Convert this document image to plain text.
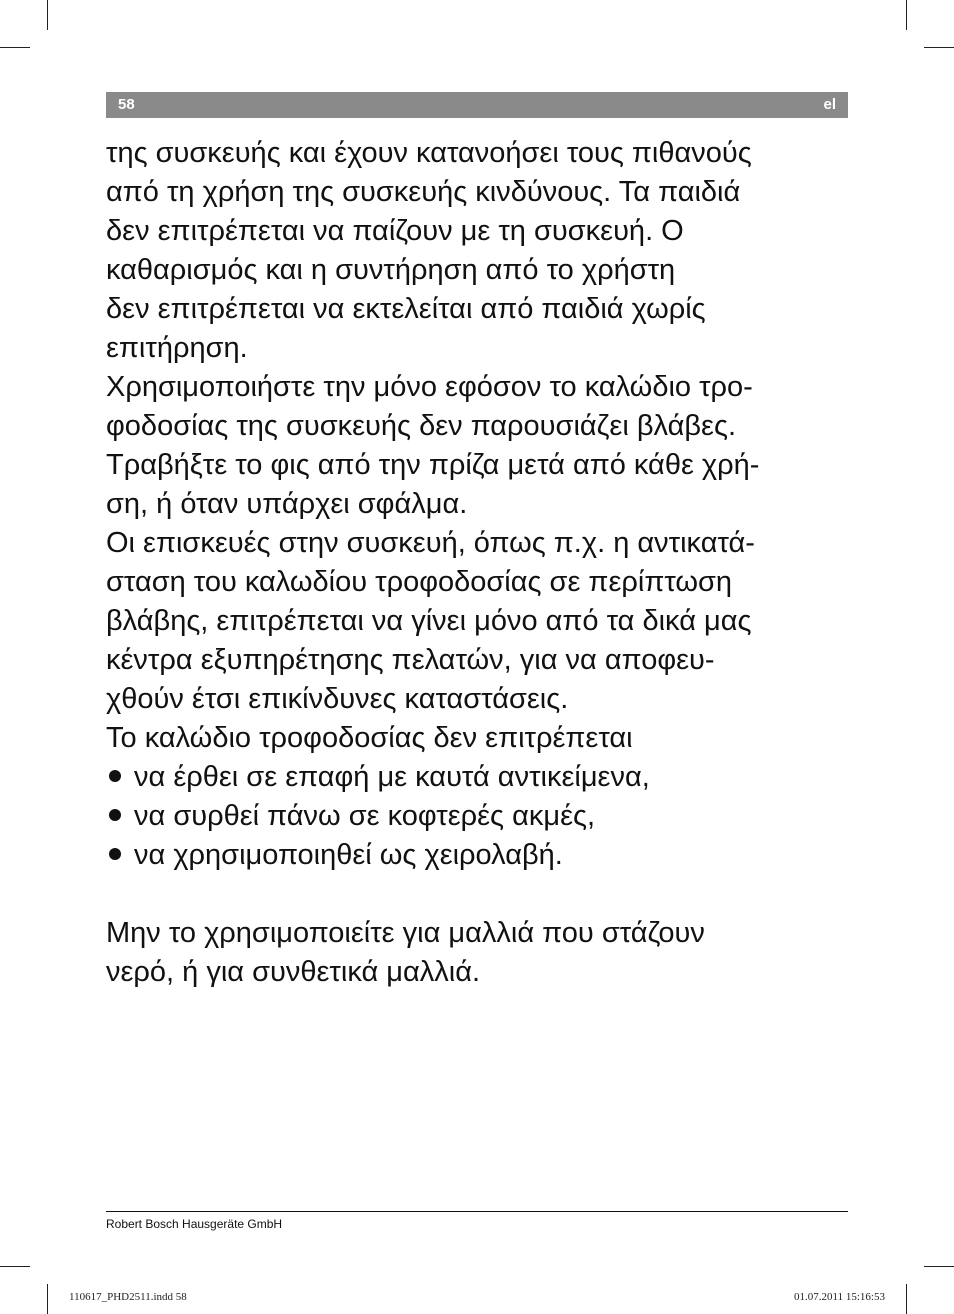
58	el
της συσκευής και έχουν κατανοήσει τους πιθανούς
από τη χρήση της συσκευής κινδύνους. Τα παιδιά
δεν επιτρέπεται να παίζουν με τη συσκευή. Ο
καθαρισμός και η συντήρηση από το χρήστη
δεν επιτρέπεται να εκτελείται από παιδιά χωρίς
επιτήρηση.
Χρησιμοποιήστε την μόνο εφόσον το καλώδιο τρο-
φοδοσίας της συσκευής δεν παρουσιάζει βλάβες.
Τραβήξτε το φις από την πρίζα μετά από κάθε χρή-
ση, ή όταν υπάρχει σφάλμα.
Οι επισκευές στην συσκευή, όπως π.χ. η αντικατά-
σταση του καλωδίου τροφοδοσίας σε περίπτωση
βλάβης, επιτρέπεται να γίνει μόνο από τα δικά μας
κέντρα εξυπηρέτησης πελατών, για να αποφευ-
χθούν έτσι επικίνδυνες καταστάσεις.
Το καλώδιο τροφοδοσίας δεν επιτρέπεται
να έρθει σε επαφή με καυτά αντικείμενα,
να συρθεί πάνω σε κοφτερές ακμές,
να χρησιμοποιηθεί ως χειρολαβή.
Μην το χρησιμοποιείτε για μαλλιά που στάζουν
νερό, ή για συνθετικά μαλλιά.
Robert Bosch Hausgeräte GmbH
110617_PHD2511.indd 58	01.07.2011 15:16:53
